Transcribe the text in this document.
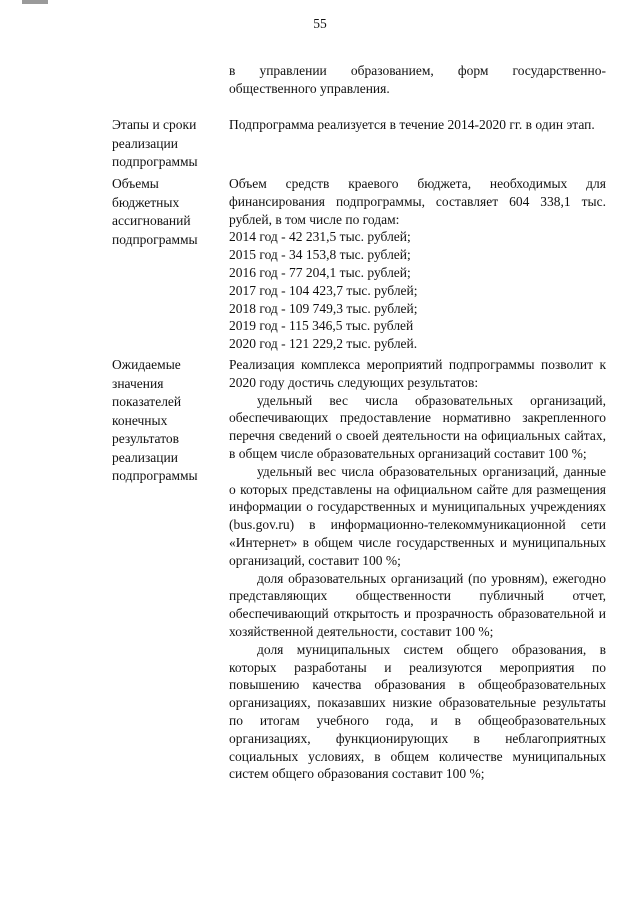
55

в управлении образованием, форм государственно-общественного управления.

Этапы и сроки реализации подпрограммы

Подпрограмма реализуется в течение 2014-2020 гг. в один этап.

Объемы бюджетных ассигнований подпрограммы

Объем средств краевого бюджета, необходимых для финансирования подпрограммы, составляет 604 338,1 тыс. рублей, в том числе по годам:

2014 год - 42 231,5 тыс. рублей;
2015 год - 34 153,8 тыс. рублей;
2016 год - 77 204,1 тыс. рублей;
2017 год - 104 423,7 тыс. рублей;
2018 год - 109 749,3 тыс. рублей;
2019 год - 115 346,5 тыс. рублей
2020 год - 121 229,2 тыс. рублей.
Ожидаемые значения показателей конечных результатов реализации подпрограммы

Реализация комплекса мероприятий подпрограммы позволит к 2020 году достичь следующих результатов:

удельный вес числа образовательных организаций, обеспечивающих предоставление нормативно закрепленного перечня сведений о своей деятельности на официальных сайтах, в общем числе образовательных организаций составит 100 %;

удельный вес числа образовательных организаций, данные о которых представлены на официальном сайте для размещения информации о государственных и муниципальных учреждениях (bus.gov.ru) в информационно-телекоммуникационной сети «Интернет» в общем числе государственных и муниципальных организаций, составит 100 %;

доля образовательных организаций (по уровням), ежегодно представляющих общественности публичный отчет, обеспечивающий открытость и прозрачность образовательной и хозяйственной деятельности, составит 100 %;

доля муниципальных систем общего образования, в которых разработаны и реализуются мероприятия по повышению качества образования в общеобразовательных организациях, показавших низкие образовательные результаты по итогам учебного года, и в общеобразовательных организациях, функционирующих в неблагоприятных социальных условиях, в общем количестве муниципальных систем общего образования составит 100 %;
